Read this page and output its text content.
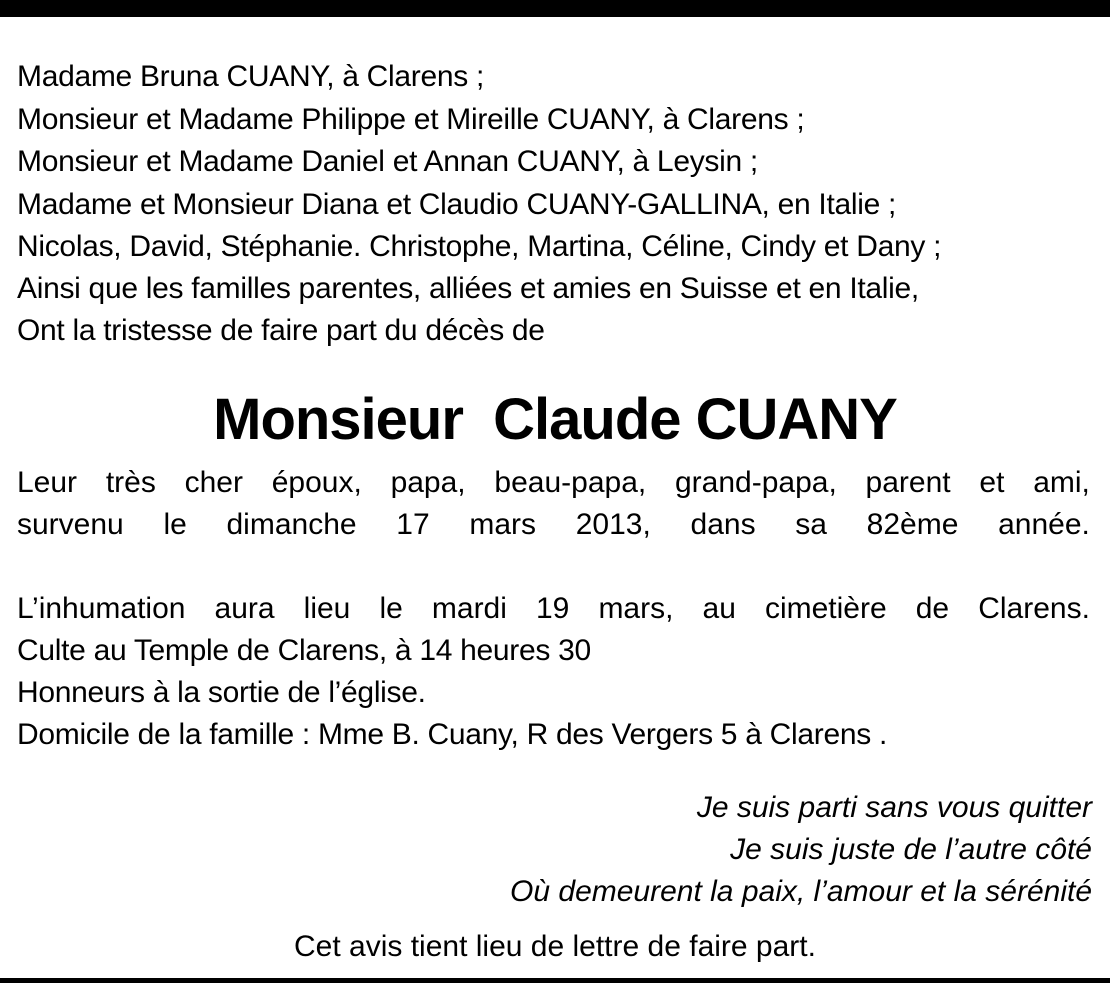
Madame Bruna CUANY, à Clarens ;
Monsieur et Madame Philippe et Mireille CUANY, à Clarens ;
Monsieur et Madame Daniel et Annan CUANY, à Leysin ;
Madame et Monsieur Diana et Claudio CUANY-GALLINA, en Italie ;
Nicolas, David, Stéphanie. Christophe, Martina, Céline, Cindy et Dany ;
Ainsi que les familles parentes, alliées et amies en Suisse et en Italie,
Ont la tristesse de faire part du décès de
Monsieur  Claude CUANY
Leur très cher époux, papa, beau-papa, grand-papa, parent et ami,
survenu le dimanche 17 mars 2013, dans sa 82ème année.
L’inhumation aura lieu le mardi 19 mars, au cimetière de Clarens.
Culte au Temple de Clarens, à 14 heures 30
Honneurs à la sortie de l’église.
Domicile de la famille : Mme B. Cuany, R des Vergers 5 à Clarens .
Je suis parti sans vous quitter
Je suis juste de l’autre côté
Où demeurent la paix, l’amour et la sérénité
Cet avis tient lieu de lettre de faire part.
